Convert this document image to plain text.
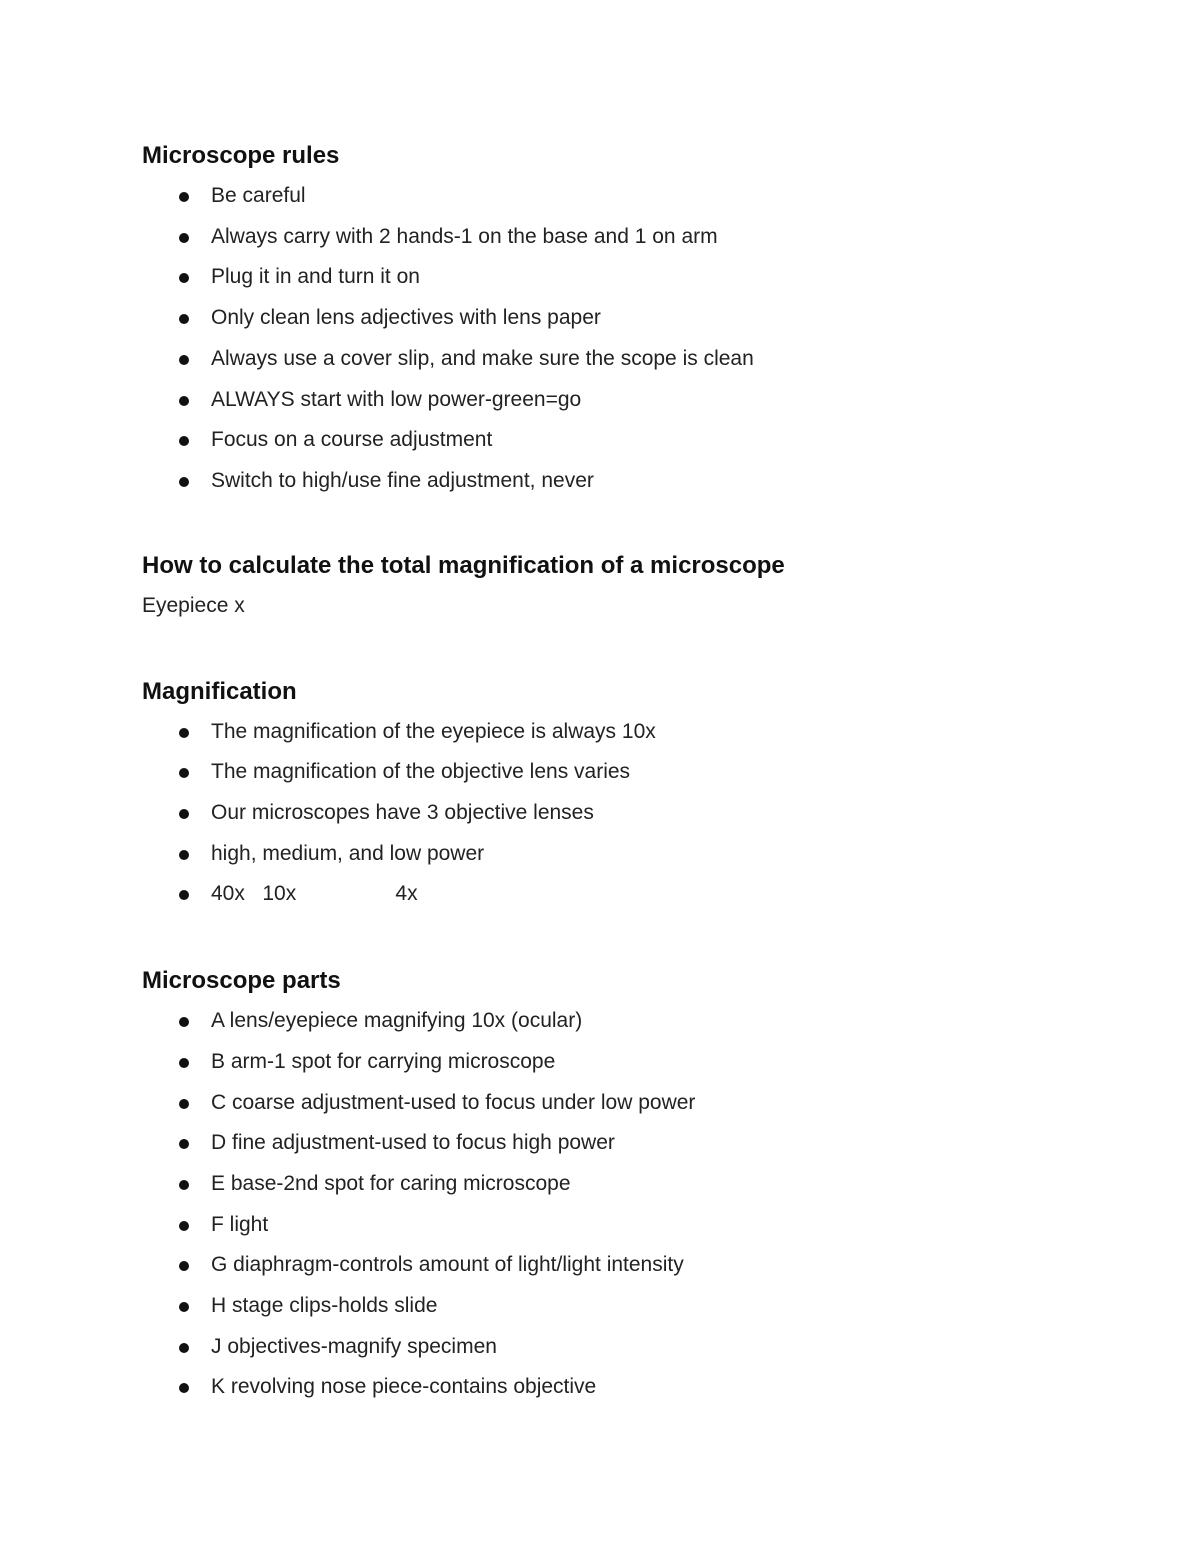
Microscope rules
Be careful
Always carry with 2 hands-1 on the base and 1 on arm
Plug it in and turn it on
Only clean lens adjectives with lens paper
Always use a cover slip, and make sure the scope is clean
ALWAYS start with low power-green=go
Focus on a course adjustment
Switch to high/use fine adjustment, never
How to calculate the total magnification of a microscope

Eyepiece x

Magnification
The magnification of the eyepiece is always 10x
The magnification of the objective lens varies
Our microscopes have 3 objective lenses
high, medium, and low power
40x   10x                 4x
Microscope parts
A lens/eyepiece magnifying 10x (ocular)
B arm-1 spot for carrying microscope
C coarse adjustment-used to focus under low power
D fine adjustment-used to focus high power
E base-2nd spot for caring microscope
F light
G diaphragm-controls amount of light/light intensity
H stage clips-holds slide
J objectives-magnify specimen
K revolving nose piece-contains objective
